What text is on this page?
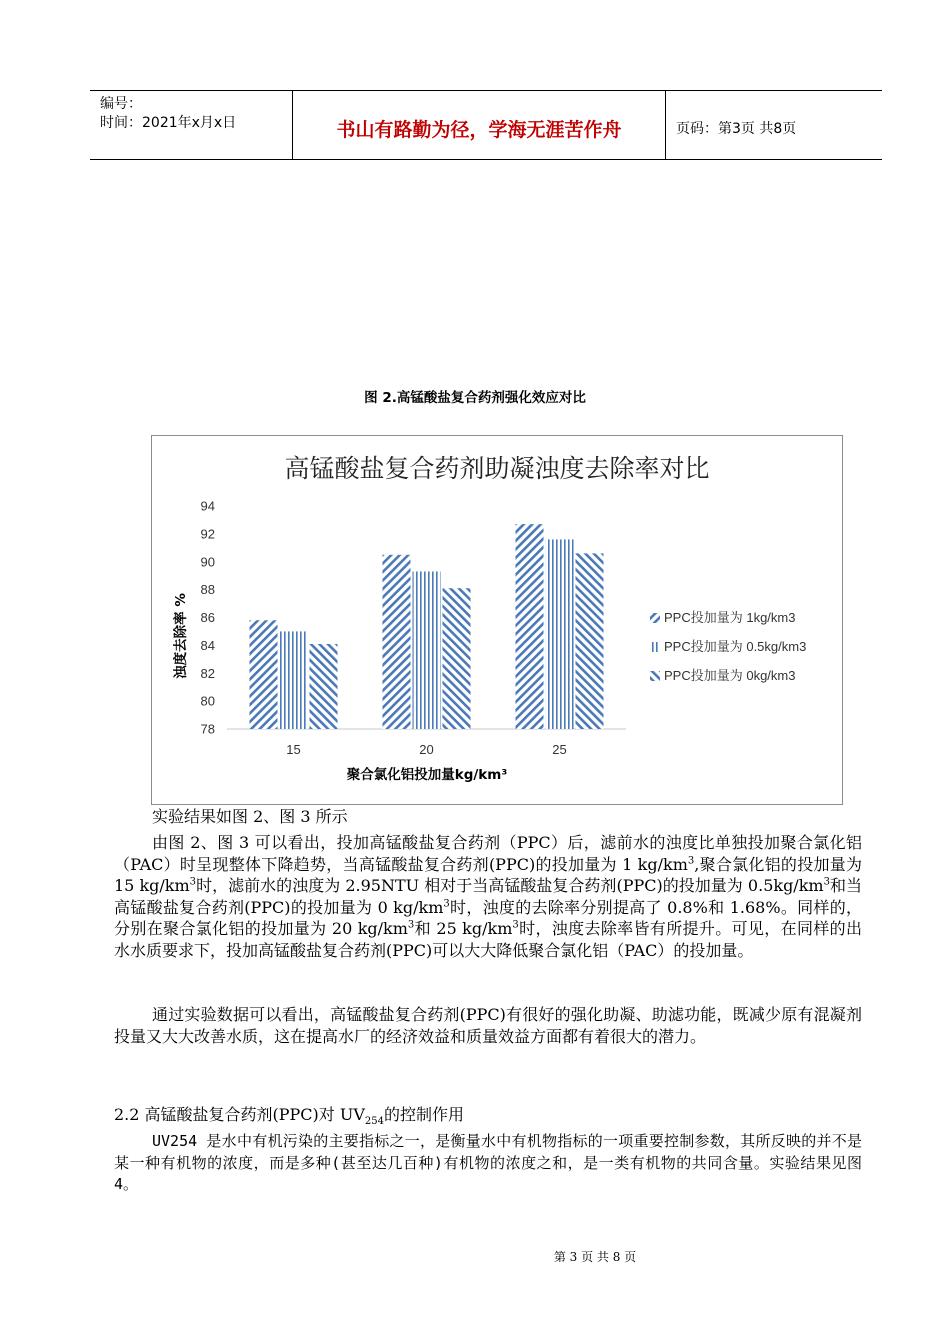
编号：
时间：2021年x月x日	书山有路勤为径，学海无涯苦作舟	页码：第3页 共8页
图 2.高锰酸盐复合药剂强化效应对比
高锰酸盐复合药剂助凝浊度去除率对比
78
80
82
84
86
88
90
92
94
15	20	25
浊度去除率 %
聚合氯化铝投加量kg/km³
PPC投加量为 1kg/km3
PPC投加量为 0.5kg/km3
PPC投加量为 0kg/km3
实验结果如图 2、图 3 所示
由图 2、图 3 可以看出，投加高锰酸盐复合药剂（PPC）后，滤前水的浊度比单独投加聚合氯化铝（PAC）时呈现整体下降趋势，当高锰酸盐复合药剂(PPC)的投加量为 1 $kg/km^3$,聚合氯化铝的投加量为 15 $kg/km^3$时，滤前水的浊度为 2.95NTU 相对于当高锰酸盐复合药剂(PPC)的投加量为 $0.5kg/km^3$和当高锰酸盐复合药剂(PPC)的投加量为 0 $kg/km^3$时，浊度的去除率分别提高了 0.8%和 1.68%。同样的，分别在聚合氯化铝的投加量为 20 $kg/km^3$和 25 $kg/km^3$时，浊度去除率皆有所提升。可见，在同样的出水水质要求下，投加高锰酸盐复合药剂(PPC)可以大大降低聚合氯化铝（PAC）的投加量。
通过实验数据可以看出，高锰酸盐复合药剂(PPC)有很好的强化助凝、助滤功能，既减少原有混凝剂投量又大大改善水质，这在提高水厂的经济效益和质量效益方面都有着很大的潜力。
2.2 高锰酸盐复合药剂(PPC)对 $UV_{254}$的控制作用
UV254 是水中有机污染的主要指标之一，是衡量水中有机物指标的一项重要控制参数，其所反映的并不是某一种有机物的浓度，而是多种(甚至达几百种)有机物的浓度之和，是一类有机物的共同含量。实验结果见图 4。
第 3 页 共 8 页
